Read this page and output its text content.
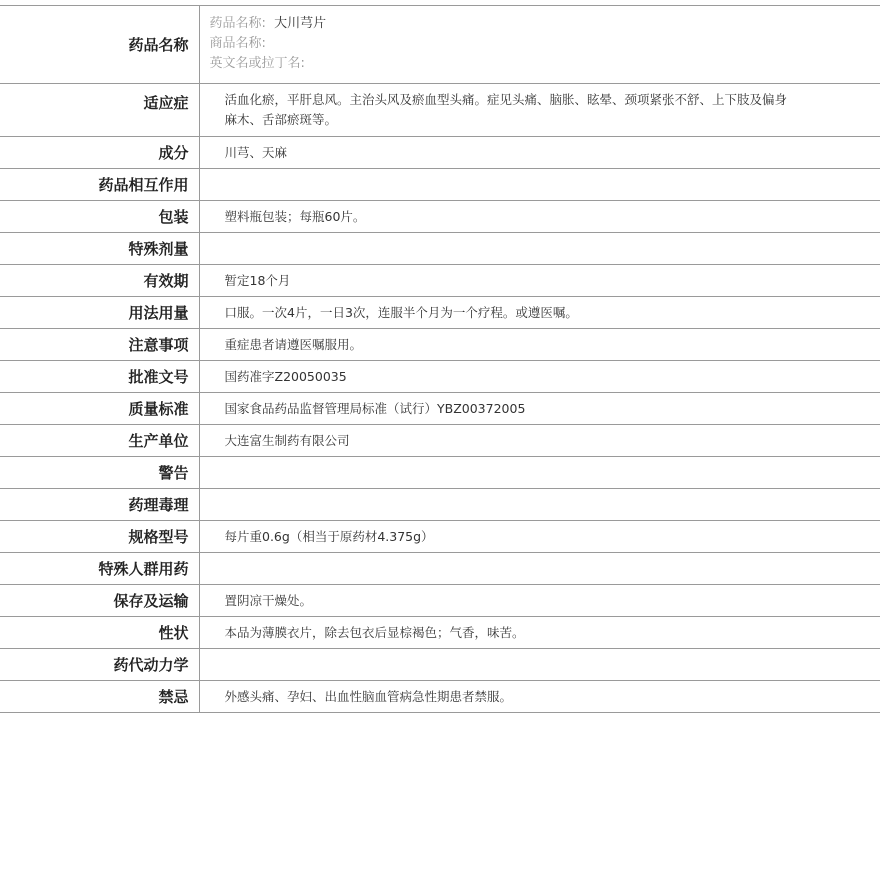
药品名称	药品名称: 大川芎片
商品名称:
英文名或拉丁名:

适应症	活血化瘀，平肝息风。主治头风及瘀血型头痛。症见头痛、脑胀、眩晕、颈项紧张不舒、上下肢及偏身麻木、舌部瘀斑等。
成分	川芎、天麻
药品相互作用	
包装	塑料瓶包装；每瓶60片。
特殊剂量	
有效期	暂定18个月
用法用量	口服。一次4片，一日3次，连服半个月为一个疗程。或遵医嘱。
注意事项	重症患者请遵医嘱服用。
批准文号	国药准字Z20050035
质量标准	国家食品药品监督管理局标准（试行）YBZ00372005
生产单位	大连富生制药有限公司
警告	
药理毒理	
规格型号	每片重0.6g（相当于原药材4.375g）
特殊人群用药	
保存及运输	置阴凉干燥处。
性状	本品为薄膜衣片，除去包衣后显棕褐色；气香，味苦。
药代动力学	
禁忌	外感头痛、孕妇、出血性脑血管病急性期患者禁服。
